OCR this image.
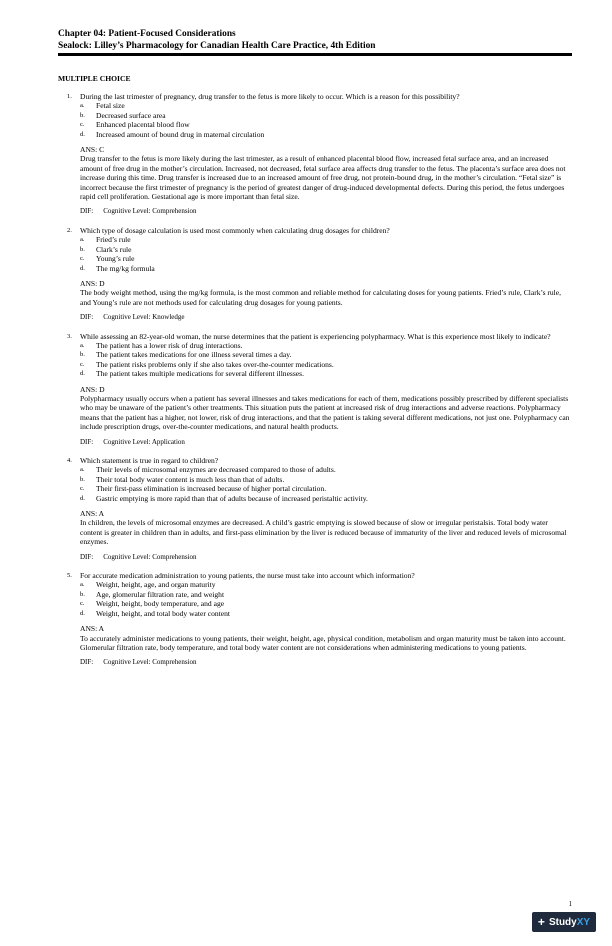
Chapter 04: Patient-Focused Considerations
Sealock: Lilley’s Pharmacology for Canadian Health Care Practice, 4th Edition
MULTIPLE CHOICE
1. During the last trimester of pregnancy, drug transfer to the fetus is more likely to occur. Which is a reason for this possibility?
a. Fetal size
b. Decreased surface area
c. Enhanced placental blood flow
d. Increased amount of bound drug in maternal circulation
ANS: C
Drug transfer to the fetus is more likely during the last trimester, as a result of enhanced placental blood flow, increased fetal surface area, and an increased amount of free drug in the mother’s circulation. Increased, not decreased, fetal surface area affects drug transfer to the fetus. The placenta’s surface area does not increase during this time. Drug transfer is increased due to an increased amount of free drug, not protein-bound drug, in the mother’s circulation. “Fetal size” is incorrect because the first trimester of pregnancy is the period of greatest danger of drug-induced developmental defects. During this period, the fetus undergoes rapid cell proliferation. Gestational age is more important than fetal size.
DIF: Cognitive Level: Comprehension
2. Which type of dosage calculation is used most commonly when calculating drug dosages for children?
a. Fried’s rule
b. Clark’s rule
c. Young’s rule
d. The mg/kg formula
ANS: D
The body weight method, using the mg/kg formula, is the most common and reliable method for calculating doses for young patients. Fried’s rule, Clark’s rule, and Young’s rule are not methods used for calculating drug dosages for young patients.
DIF: Cognitive Level: Knowledge
3. While assessing an 82-year-old woman, the nurse determines that the patient is experiencing polypharmacy. What is this experience most likely to indicate?
a. The patient has a lower risk of drug interactions.
b. The patient takes medications for one illness several times a day.
c. The patient risks problems only if she also takes over-the-counter medications.
d. The patient takes multiple medications for several different illnesses.
ANS: D
Polypharmacy usually occurs when a patient has several illnesses and takes medications for each of them, medications possibly prescribed by different specialists who may be unaware of the patient’s other treatments. This situation puts the patient at increased risk of drug interactions and adverse reactions. Polypharmacy means that the patient has a higher, not lower, risk of drug interactions, and that the patient is taking several different medications, not just one. Polypharmacy can include prescription drugs, over-the-counter medications, and natural health products.
DIF: Cognitive Level: Application
4. Which statement is true in regard to children?
a. Their levels of microsomal enzymes are decreased compared to those of adults.
b. Their total body water content is much less than that of adults.
c. Their first-pass elimination is increased because of higher portal circulation.
d. Gastric emptying is more rapid than that of adults because of increased peristaltic activity.
ANS: A
In children, the levels of microsomal enzymes are decreased. A child’s gastric emptying is slowed because of slow or irregular peristalsis. Total body water content is greater in children than in adults, and first-pass elimination by the liver is reduced because of immaturity of the liver and reduced levels of microsomal enzymes.
DIF: Cognitive Level: Comprehension
5. For accurate medication administration to young patients, the nurse must take into account which information?
a. Weight, height, age, and organ maturity
b. Age, glomerular filtration rate, and weight
c. Weight, height, body temperature, and age
d. Weight, height, and total body water content
ANS: A
To accurately administer medications to young patients, their weight, height, age, physical condition, metabolism and organ maturity must be taken into account. Glomerular filtration rate, body temperature, and total body water content are not considerations when administering medications to young patients.
DIF: Cognitive Level: Comprehension
1
+ Study XY
